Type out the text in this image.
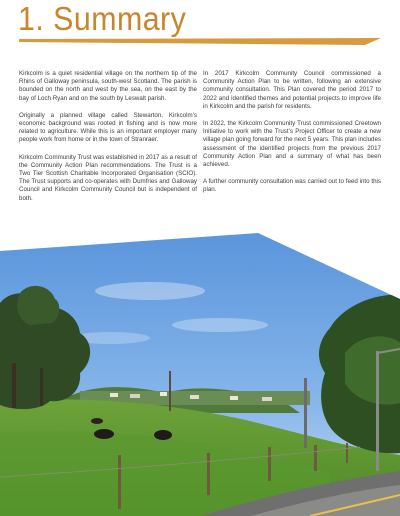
1. Summary

Kirkcolm is a quiet residential village on the northern tip of the Rhins of Galloway peninsula, south-west Scotland. The parish is bounded on the north and west by the sea, on the east by the bay of Loch Ryan and on the south by Leswalt parish.

Originally a planned village called Stewarton, Kirkcolm’s economic background was rooted in fishing and is now more related to agriculture. While this is an important employer many people work from home or in the town of Stranraer.

Kirkcolm Community Trust was established in 2017 as a result of the Community Action Plan recommendations. The Trust is a Two Tier Scottish Charitable Incorporated Organisation (SCIO). The Trust supports and co-operates with Dumfries and Galloway Council and Kirkcolm Community Council but is independent of both.

In 2017 Kirkcolm Community Council commissioned a Community Action Plan to be written, following an extensive community consultation. This Plan covered the period 2017 to 2022 and identified themes and potential projects to improve life in Kirkcolm and the parish for residents.

In 2022, the Kirkcolm Community Trust commissioned Creetown Initiative to work with the Trust’s Project Officer to create a new village plan going forward for the next 5 years. This plan includes assessment of the identified projects from the previous 2017 Community Action Plan and a summary of what has been achieved.

A further community consultation was carried out to feed into this plan.
